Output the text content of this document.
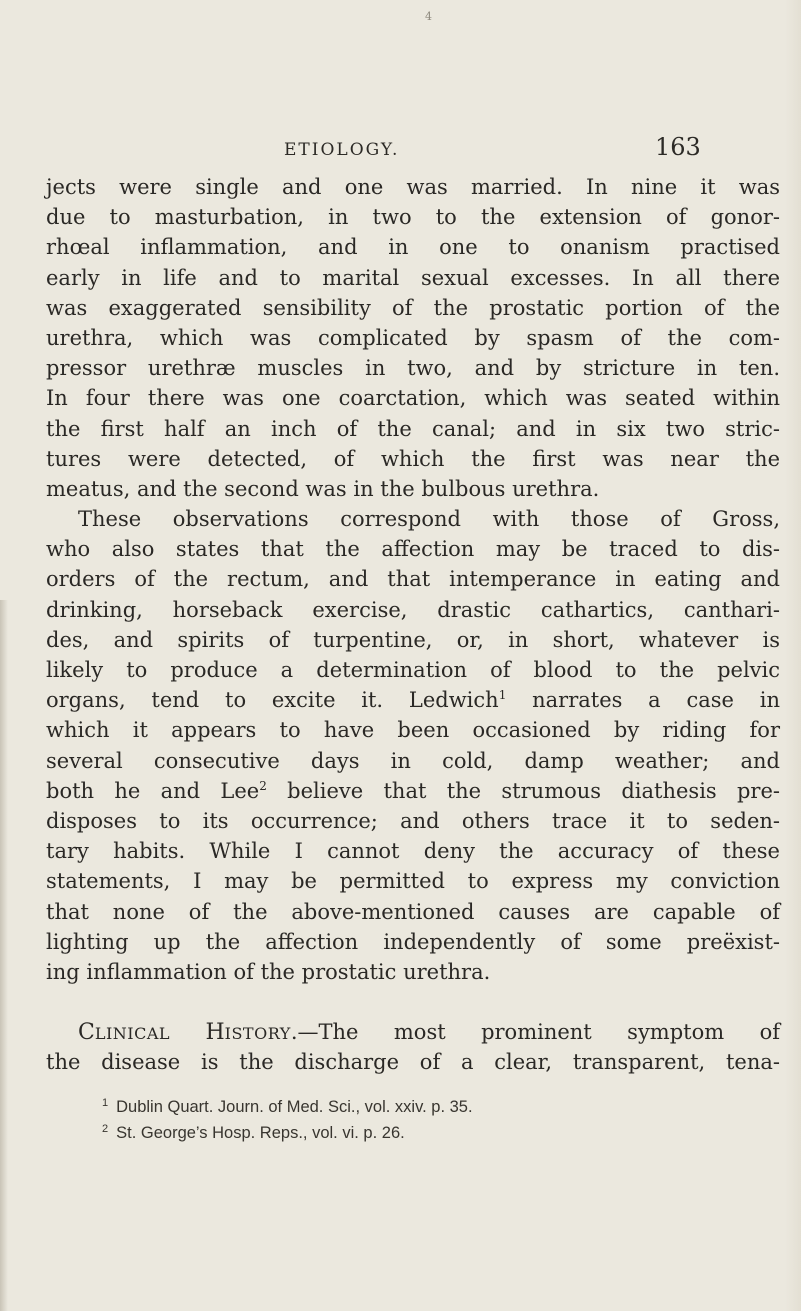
4
ETIOLOGY.	163
jects were single and one was married. In nine it was
due to masturbation, in two to the extension of gonor-
rhœal inflammation, and in one to onanism practised
early in life and to marital sexual excesses. In all there
was exaggerated sensibility of the prostatic portion of the
urethra, which was complicated by spasm of the com-
pressor urethræ muscles in two, and by stricture in ten.
In four there was one coarctation, which was seated within
the first half an inch of the canal; and in six two stric-
tures were detected, of which the first was near the
meatus, and the second was in the bulbous urethra.
These observations correspond with those of Gross,
who also states that the affection may be traced to dis-
orders of the rectum, and that intemperance in eating and
drinking, horseback exercise, drastic cathartics, canthari-
des, and spirits of turpentine, or, in short, whatever is
likely to produce a determination of blood to the pelvic
organs, tend to excite it. Ledwich$^1$ narrates a case in
which it appears to have been occasioned by riding for
several consecutive days in cold, damp weather; and
both he and Lee$^2$ believe that the strumous diathesis pre-
disposes to its occurrence; and others trace it to seden-
tary habits. While I cannot deny the accuracy of these
statements, I may be permitted to express my conviction
that none of the above-mentioned causes are capable of
lighting up the affection independently of some preëxist-
ing inflammation of the prostatic urethra.
CLINICAL HISTORY.—The most prominent symptom of
the disease is the discharge of a clear, transparent, tena-
$^1$ Dublin Quart. Journ. of Med. Sci., vol. xxiv. p. 35.
$^2$ St. George’s Hosp. Reps., vol. vi. p. 26.
